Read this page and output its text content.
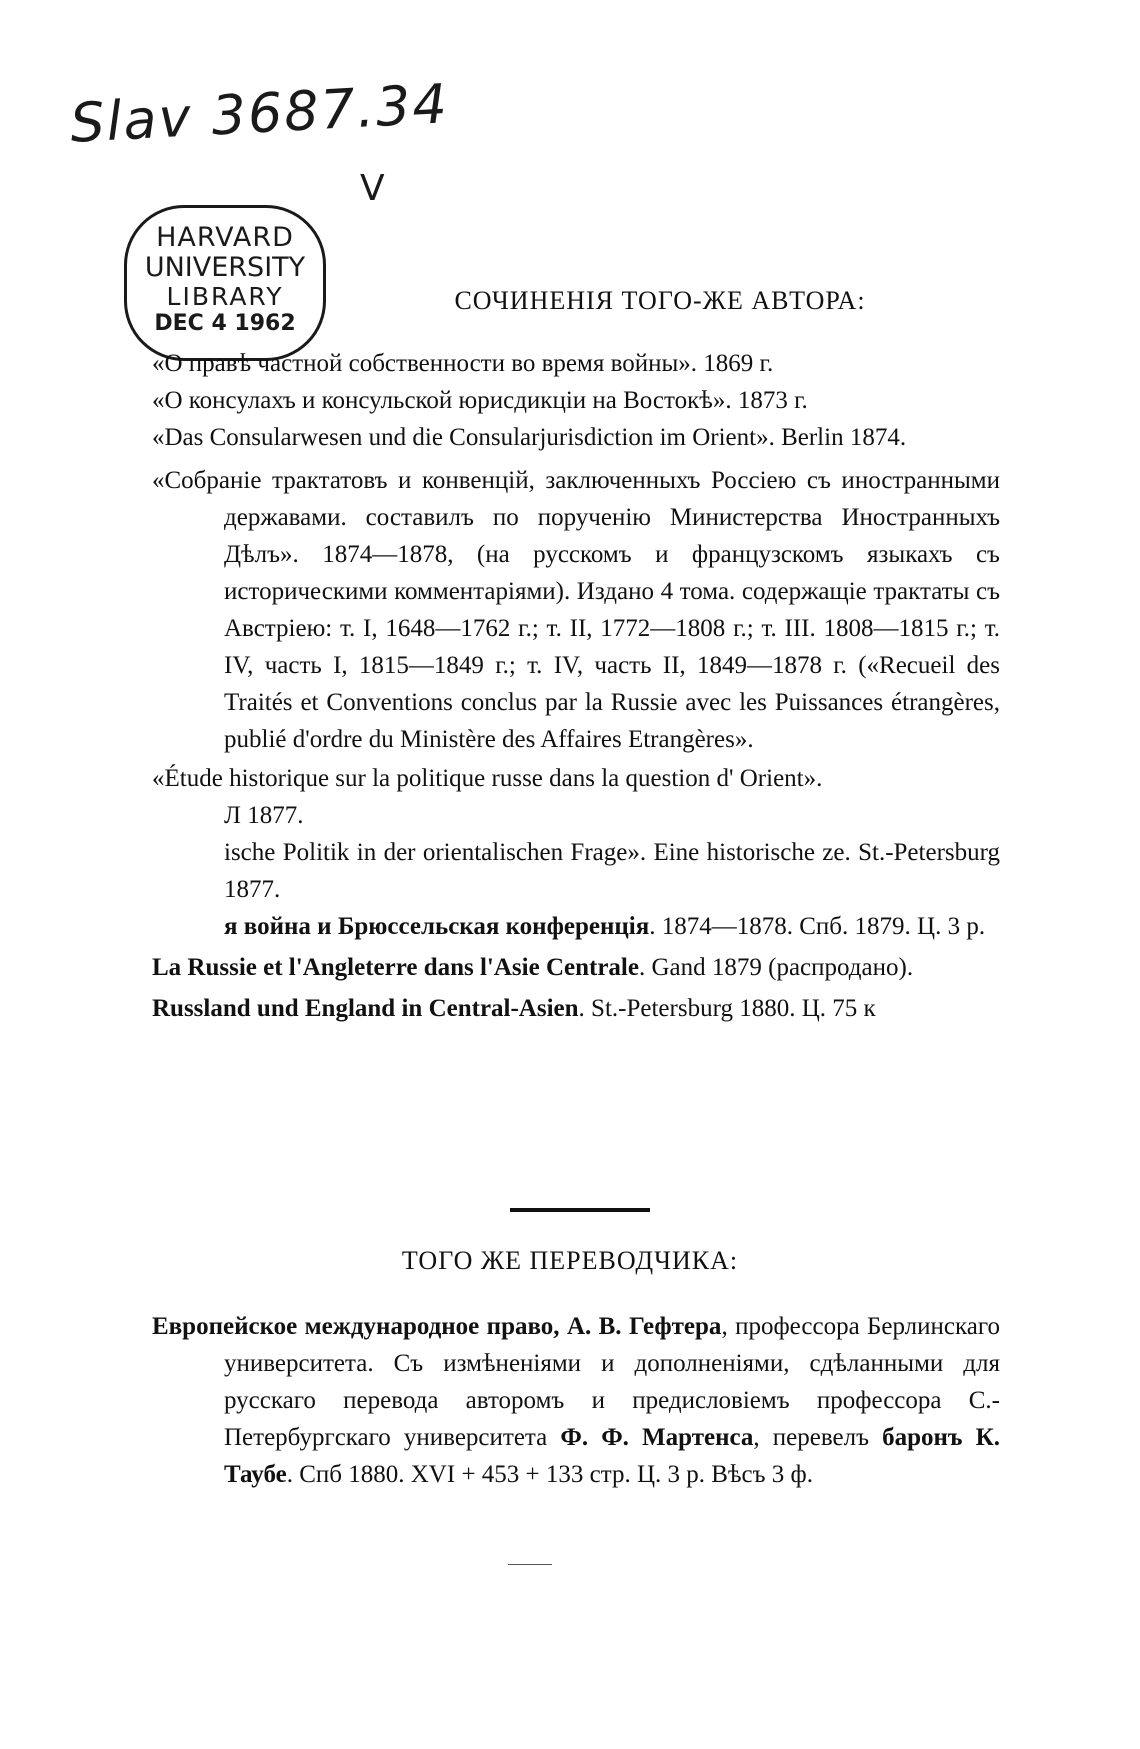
Slav 3687.34
V
HARVARD
UNIVERSITY
LIBRARY
DEC 4 1962
СОЧИНЕНІЯ ТОГО-ЖЕ АВТОРА:
«О правѣ частной собственности во время войны». 1869 г.
«О консулахъ и консульской юрисдикціи на Востокѣ». 1873 г.
«Das Consularwesen und die Consularjurisdiction im Orient». Berlin 1874.
«Собраніе трактатовъ и конвенцій, заключенныхъ Россіею съ иностранными державами. составилъ по порученію Министерства Иностранныхъ Дѣлъ». 1874—1878, (на русскомъ и французскомъ языкахъ съ историческими комментаріями). Издано 4 тома. содержащіе трактаты съ Австріею: т. I, 1648—1762 г.; т. II, 1772—1808 г.; т. III. 1808—1815 г.; т. IV, часть I, 1815—1849 г.; т. IV, часть II, 1849—1878 г. («Recueil des Traités et Conventions conclus par la Russie avec les Puissances étrangères, publié d'ordre du Ministère des Affaires Etrangères».
«Étude historique sur la politique russe dans la question d' Orient».
Л 1877.
ische Politik in der orientalischen Frage». Eine historische ze. St.-Petersburg 1877.
я война и Брюссельская конференція. 1874—1878. Спб. 1879. Ц. 3 р.
La Russie et l'Angleterre dans l'Asie Centrale. Gand 1879 (распродано).
Russland und England in Central-Asien. St.-Petersburg 1880. Ц. 75 к
ТОГО ЖЕ ПЕРЕВОДЧИКА:
Европейское международное право, А. В. Гефтера, профессора Берлинскаго университета. Съ измѣненіями и дополненіями, сдѣланными для русскаго перевода авторомъ и предисловіемъ профессора С.-Петербургскаго университета Ф. Ф. Мартенса, перевелъ баронъ К. Таубе. Спб 1880. XVI + 453 + 133 стр. Ц. 3 р. Вѣсъ 3 ф.
